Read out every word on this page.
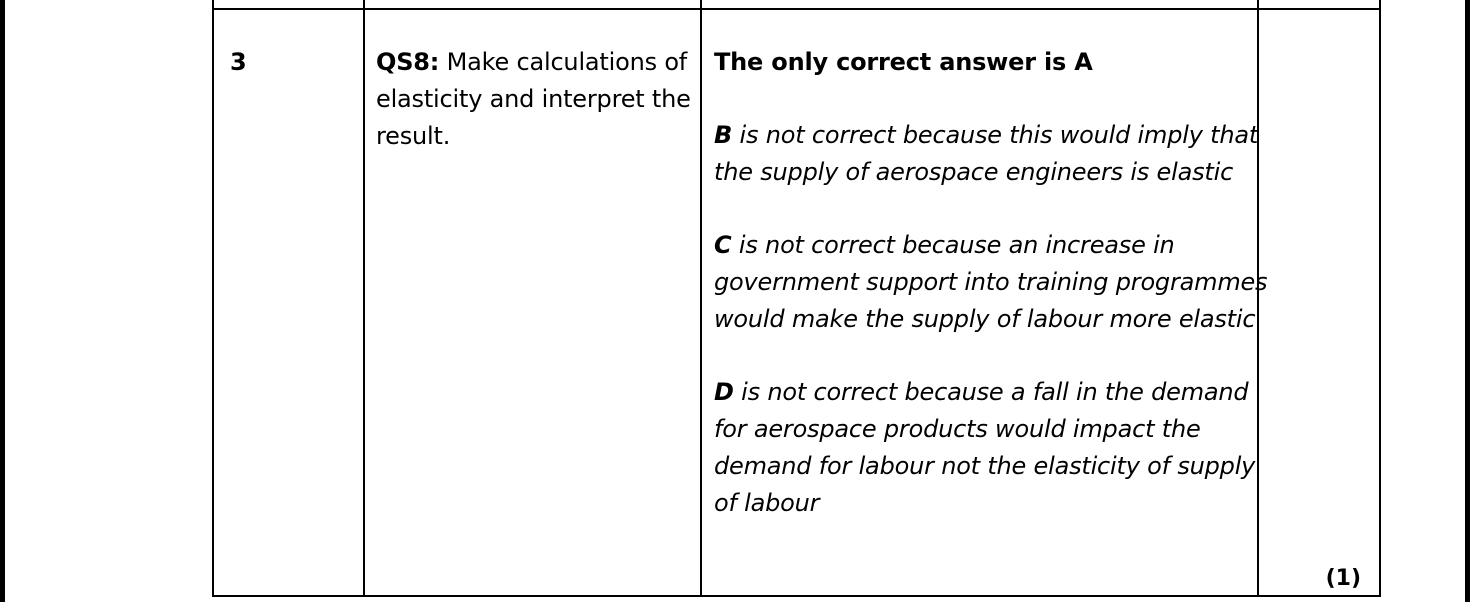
3	QS8: Make calculations of elasticity and interpret the result.
The only correct answer is A
B is not correct because this would imply that the supply of aerospace engineers is elastic
C is not correct because an increase in government support into training programmes would make the supply of labour more elastic
D is not correct because a fall in the demand for aerospace products would impact the demand for labour not the elasticity of supply of labour
(1)
